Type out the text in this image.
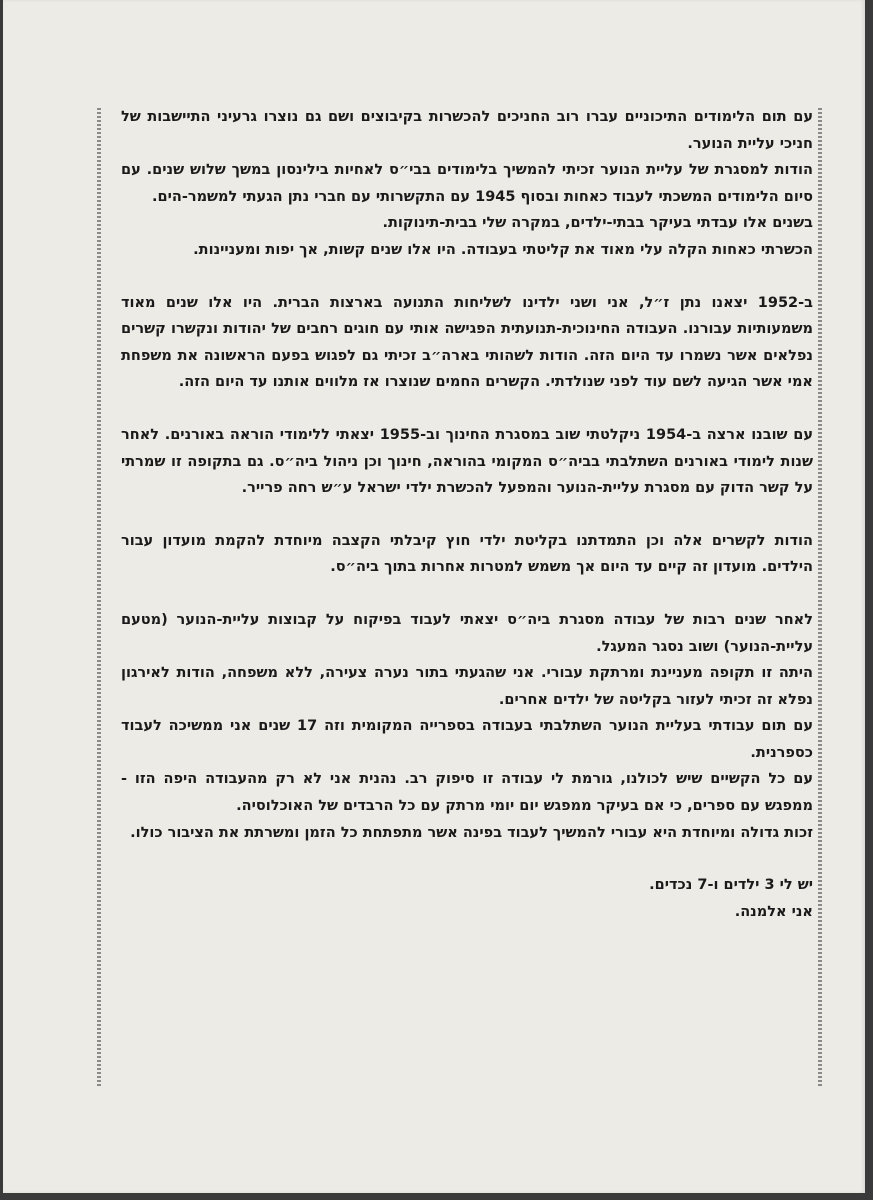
עם תום הלימודים התיכוניים עברו רוב החניכים להכשרות בקיבוצים ושם גם נוצרו גרעיני התיישבות של חניכי עליית הנוער.

הודות למסגרת של עליית הנוער זכיתי להמשיך בלימודים בבי״ס לאחיות בילינסון במשך שלוש שנים. עם סיום הלימודים המשכתי לעבוד כאחות ובסוף 1945 עם התקשרותי עם חברי נתן הגעתי למשמר-הים.

בשנים אלו עבדתי בעיקר בבתי-ילדים, במקרה שלי בבית-תינוקות.

הכשרתי כאחות הקלה עלי מאוד את קליטתי בעבודה. היו אלו שנים קשות, אך יפות ומעניינות.

ב-1952 יצאנו נתן ז״ל, אני ושני ילדינו לשליחות התנועה בארצות הברית. היו אלו שנים מאוד משמעותיות עבורנו. העבודה החינוכית-תנועתית הפגישה אותי עם חוגים רחבים של יהודות ונקשרו קשרים נפלאים אשר נשמרו עד היום הזה. הודות לשהותי בארה״ב זכיתי גם לפגוש בפעם הראשונה את משפחת אמי אשר הגיעה לשם עוד לפני שנולדתי. הקשרים החמים שנוצרו אז מלווים אותנו עד היום הזה.

עם שובנו ארצה ב-1954 ניקלטתי שוב במסגרת החינוך וב-1955 יצאתי ללימודי הוראה באורנים. לאחר שנות לימודי באורנים השתלבתי בביה״ס המקומי בהוראה, חינוך וכן ניהול ביה״ס. גם בתקופה זו שמרתי על קשר הדוק עם מסגרת עליית-הנוער והמפעל להכשרת ילדי ישראל ע״ש רחה פרייר.

הודות לקשרים אלה וכן התמדתנו בקליטת ילדי חוץ קיבלתי הקצבה מיוחדת להקמת מועדון עבור הילדים. מועדון זה קיים עד היום אך משמש למטרות אחרות בתוך ביה״ס.

לאחר שנים רבות של עבודה מסגרת ביה״ס יצאתי לעבוד בפיקוח על קבוצות עליית-הנוער (מטעם עליית-הנוער) ושוב נסגר המעגל.

היתה זו תקופה מעניינת ומרתקת עבורי. אני שהגעתי בתור נערה צעירה, ללא משפחה, הודות לאירגון נפלא זה זכיתי לעזור בקליטה של ילדים אחרים.

עם תום עבודתי בעליית הנוער השתלבתי בעבודה בספרייה המקומית וזה 17 שנים אני ממשיכה לעבוד כספרנית.

עם כל הקשיים שיש לכולנו, גורמת לי עבודה זו סיפוק רב. נהנית אני לא רק מהעבודה היפה הזו - ממפגש עם ספרים, כי אם בעיקר ממפגש יום יומי מרתק עם כל הרבדים של האוכלוסיה.

זכות גדולה ומיוחדת היא עבורי להמשיך לעבוד בפינה אשר מתפתחת כל הזמן ומשרתת את הציבור כולו.

יש לי 3 ילדים ו-7 נכדים.

אני אלמנה.
